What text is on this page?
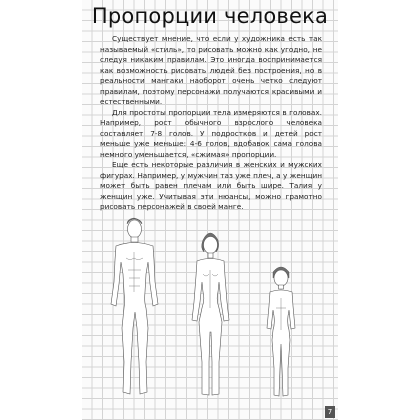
Пропорции человека

Существует мнение, что если у художника есть так называемый «стиль», то рисовать можно как угодно, не следуя никаким правилам. Это иногда воспринимается как возможность рисовать людей без построения, но в реальности мангаки наоборот очень четко следуют правилам, поэтому персонажи получаются красивыми и естественными.

Для простоты пропорции тела измеряются в головах. Например, рост обычного взрослого человека составляет 7-8 голов. У подростков и детей рост меньше уже меньше: 4-6 голов, вдобавок сама голова немного уменьшается, «сжимая» пропорции.

Еще есть некоторые различия в женских и мужских фигурах. Например, у мужчин таз уже плеч, а у женщин может быть равен плечам или быть шире. Талия у женщин уже. Учитывая эти нюансы, можно грамотно рисовать персонажей в своей манге.

7
